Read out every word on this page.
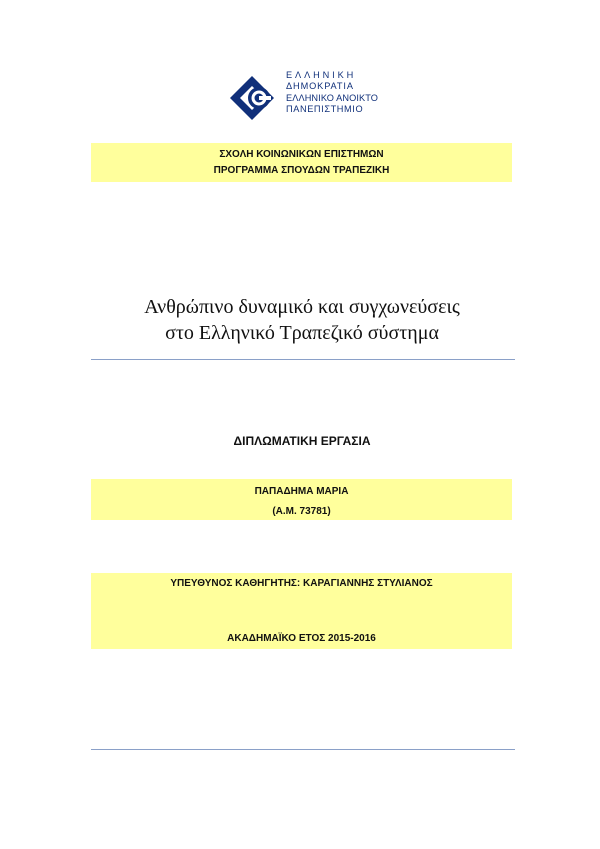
ΕΛΛΗΝΙΚΗ
ΔΗΜΟΚΡΑΤΙΑ
ΕΛΛΗΝΙΚΟ ΑΝΟΙΚΤΟ
ΠΑΝΕΠΙΣΤΗΜΙΟ
ΣΧΟΛΗ ΚΟΙΝΩΝΙΚΩΝ ΕΠΙΣΤΗΜΩΝ
ΠΡΟΓΡΑΜΜΑ ΣΠΟΥΔΩΝ ΤΡΑΠΕΖΙΚΗ
Ανθρώπινο δυναμικό και συγχωνεύσεις
στο Ελληνικό Τραπεζικό σύστημα
ΔΙΠΛΩΜΑΤΙΚΗ ΕΡΓΑΣΙΑ
ΠΑΠΑΔΗΜΑ ΜΑΡΙΑ
(Α.Μ. 73781)
ΥΠΕΥΘΥΝΟΣ ΚΑΘΗΓΗΤΗΣ: ΚΑΡΑΓΙΑΝΝΗΣ ΣΤΥΛΙΑΝΟΣ
ΑΚΑΔΗΜΑΪΚΟ ΕΤΟΣ 2015-2016
